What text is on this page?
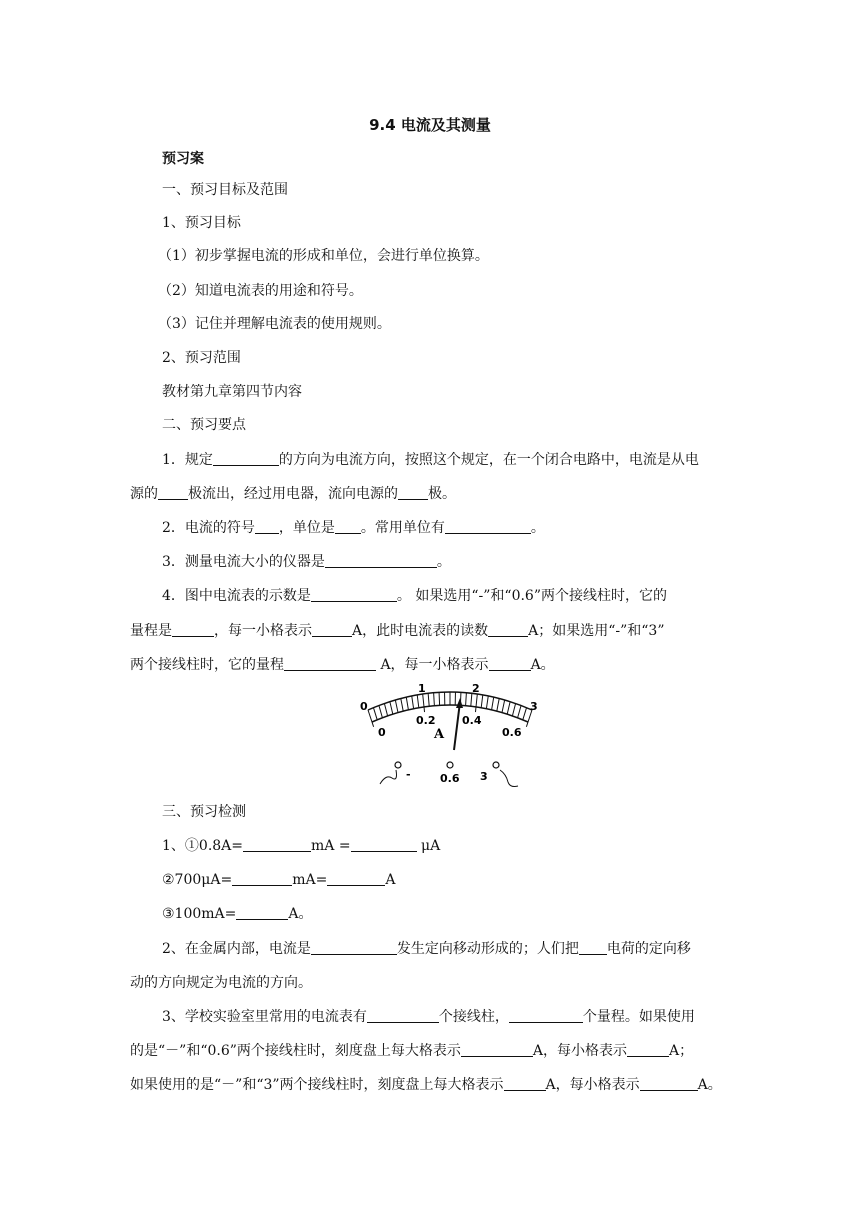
9.4 电流及其测量
预习案
一、预习目标及范围
1、预习目标
（1）初步掌握电流的形成和单位，会进行单位换算。
（2）知道电流表的用途和符号。
（3）记住并理解电流表的使用规则。
2、预习范围
教材第九章第四节内容
二、预习要点
1．规定	的方向为电流方向，按照这个规定，在一个闭合电路中，电流是从电
源的 极流出，经过用电器，流向电源的 极。
2．电流的符号 ，单位是 。常用单位有	。
3．测量电流大小的仪器是	。
4．图中电流表的示数是	。 如果选用“-”和“0.6”两个接线柱时，它的
量程是	，每一小格表示	A，此时电流表的读数	A；如果选用“-”和“3”
两个接线柱时，它的量程	A，每一小格表示	A。
0
1	2
3
0
0.2 0.4
0.6
A
-	0.6 3
三、预习检测
1、①0.8A=	mA =	μA
②700μA=	mA=	A
③100mA=	A。
2、在金属内部，电流是	发生定向移动形成的；人们把 电荷的定向移
动的方向规定为电流的方向。
3、学校实验室里常用的电流表有	个接线柱，	个量程。如果使用
的是“－”和“0.6”两个接线柱时，刻度盘上每大格表示	A，每小格表示	A；
如果使用的是“－”和“3”两个接线柱时，刻度盘上每大格表示	A，每小格表示	A。
